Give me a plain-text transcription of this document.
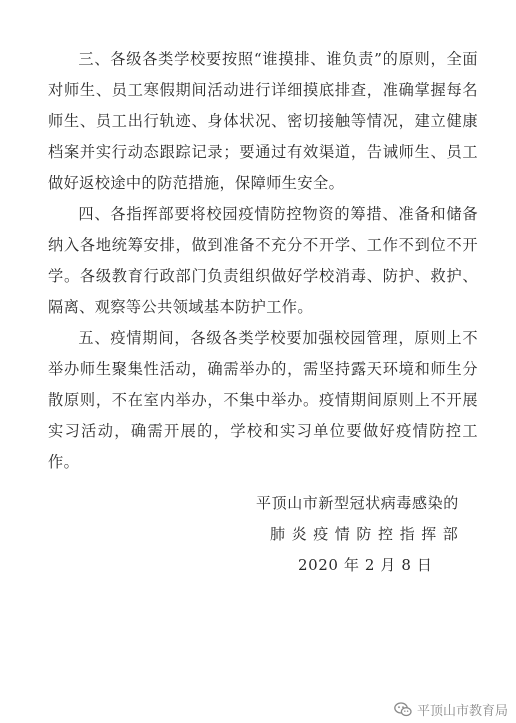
三、各级各类学校要按照“谁摸排、谁负责”的原则，全面对师生、员工寒假期间活动进行详细摸底排查，准确掌握每名师生、员工出行轨迹、身体状况、密切接触等情况，建立健康档案并实行动态跟踪记录；要通过有效渠道，告诫师生、员工做好返校途中的防范措施，保障师生安全。

四、各指挥部要将校园疫情防控物资的筹措、准备和储备纳入各地统筹安排，做到准备不充分不开学、工作不到位不开学。各级教育行政部门负责组织做好学校消毒、防护、救护、隔离、观察等公共领域基本防护工作。

五、疫情期间，各级各类学校要加强校园管理，原则上不举办师生聚集性活动，确需举办的，需坚持露天环境和师生分散原则，不在室内举办，不集中举办。疫情期间原则上不开展实习活动，确需开展的，学校和实习单位要做好疫情防控工作。

平顶山市新型冠状病毒感染的
肺炎疫情防控指挥部
2020 年 2 月 8 日
平顶山市教育局
